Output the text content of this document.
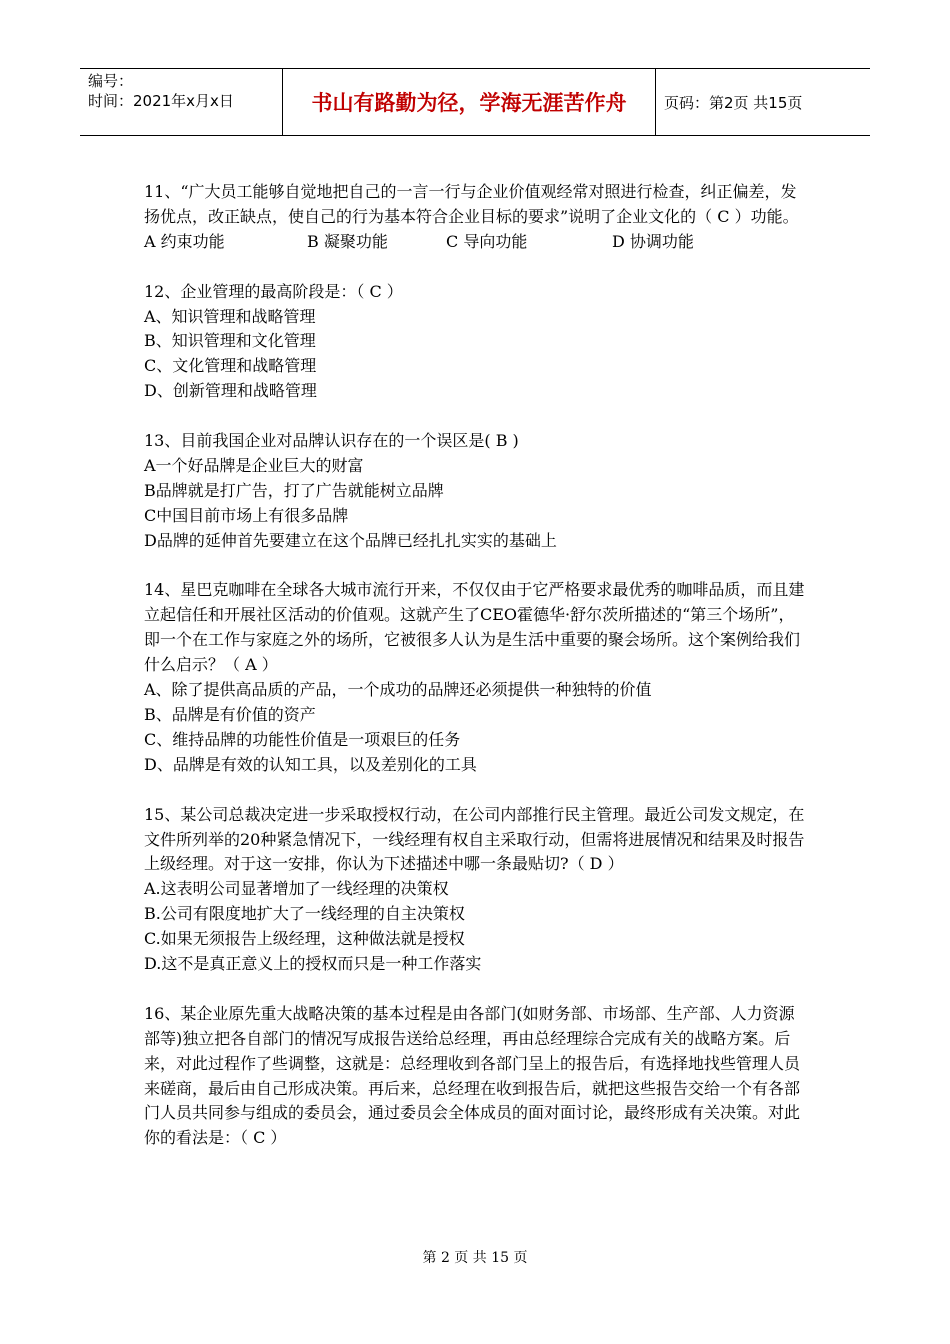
编号：
时间：2021年x月x日	书山有路勤为径，学海无涯苦作舟	页码：第2页 共15页

11、“广大员工能够自觉地把自己的一言一行与企业价值观经常对照进行检查，纠正偏差，发扬优点，改正缺点，使自己的行为基本符合企业目标的要求”说明了企业文化的（ C ）功能。

A 约束功能	B 凝聚功能	C 导向功能	D 协调功能

12、企业管理的最高阶段是：（ C ）

A、知识管理和战略管理

B、知识管理和文化管理

C、文化管理和战略管理

D、创新管理和战略管理

13、目前我国企业对品牌认识存在的一个误区是( B )

A一个好品牌是企业巨大的财富

B品牌就是打广告，打了广告就能树立品牌

C中国目前市场上有很多品牌

D品牌的延伸首先要建立在这个品牌已经扎扎实实的基础上

14、星巴克咖啡在全球各大城市流行开来，不仅仅由于它严格要求最优秀的咖啡品质，而且建立起信任和开展社区活动的价值观。这就产生了CEO霍德华·舒尔茨所描述的“第三个场所”，即一个在工作与家庭之外的场所，它被很多人认为是生活中重要的聚会场所。这个案例给我们什么启示？（ A ）

A、除了提供高品质的产品，一个成功的品牌还必须提供一种独特的价值

B、品牌是有价值的资产

C、维持品牌的功能性价值是一项艰巨的任务

D、品牌是有效的认知工具，以及差别化的工具

15、某公司总裁决定进一步采取授权行动，在公司内部推行民主管理。最近公司发文规定，在文件所列举的20种紧急情况下，一线经理有权自主采取行动，但需将进展情况和结果及时报告上级经理。对于这一安排，你认为下述描述中哪一条最贴切?（ D ）

A.这表明公司显著增加了一线经理的决策权

B.公司有限度地扩大了一线经理的自主决策权

C.如果无须报告上级经理，这种做法就是授权

D.这不是真正意义上的授权而只是一种工作落实

16、某企业原先重大战略决策的基本过程是由各部门(如财务部、市场部、生产部、人力资源部等)独立把各自部门的情况写成报告送给总经理，再由总经理综合完成有关的战略方案。后来，对此过程作了些调整，这就是：总经理收到各部门呈上的报告后，有选择地找些管理人员来磋商，最后由自己形成决策。再后来，总经理在收到报告后，就把这些报告交给一个有各部门人员共同参与组成的委员会，通过委员会全体成员的面对面讨论，最终形成有关决策。对此你的看法是：（ C ）

第 2 页 共 15 页
